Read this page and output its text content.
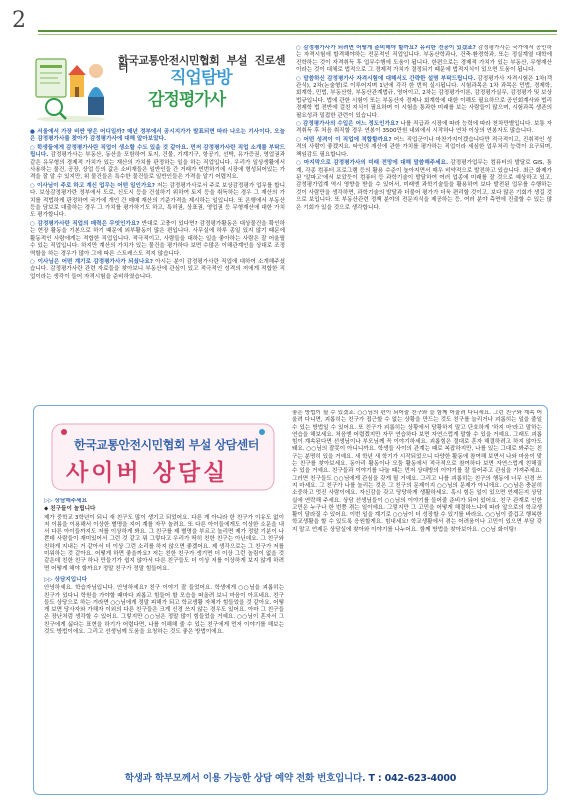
2
한국교통안전시민협회 부설 진로센터
직업탐방
감정평가사

● 서울에서 가장 비싼 땅은 어디일까? 매년 정부에서 공시지가가 발표되면 따라 나오는 기사이다. 오늘은 감정평가사를 찾아가 감정평가사에 대해 알아보았다.

○ 학생들에게 감정평가사란 직업이 생소할 수도 있을 것 같아요. 먼저 감정평가사란 직업 소개를 부탁드립니다. 감정평가사는 부동산, 동산을 포함하여 토지, 건물, 기계기구, 항공기, 선박, 유가증권, 영업권과 같은 유무형의 경제적 가치가 있는 재산의 가치를 판정하는 일을 하는 직업입니다. 우리가 일상생활에서 사용하는 물건, 공장, 상업 등의 값은 소비재들은 일반인들 간 거래가 빈번하기에 시장에 형성되어있는 가격을 잘 알 수 있지만, 위 물건들은 특수한 물건들로 일반인들은 가격을 알기 어렵지요.

○ 이사님이 주로 하고 계신 업무는 어떤 일인가요? 저는 감정평가사로서 주로 보상감정평가 업무를 합니다. 보상감정평가란 정부에서 도로, 신도시 등을 건설하기 위하여 토지 등을 취득하는 경우 그 재산의 가치를 적법하게 판정하여 국가에 개인 간 매매 재산의 기준가격을 제시하는 일입니다. 또 은행에서 부동산 등을 담보로 대출하는 경우 그 가치를 평가하기도 하고, 특허권, 상표권, 영업권 등 무형재산에 대한 가치도 평가합니다.

○ 감정평가사란 직업의 매력은 무엇인가요? 반대로 고충이 있다면? 감정평가활동은 대상물건을 확인하는 현장 활동을 기본으로 하기 때문에 외부활동이 많은 편입니다. 사무실에 하루 종일 있지 않기 때문에 활동적인 사람에게는 적합한 직업입니다. 적극적이고, 사람들을 대하는 일을 좋아하는 사람은 잘 어울릴 수 있는 직업입니다. 하지만 계산의 가치가 있는 물건을 평가하다 보면 수많은 이해관계인을 상대로 조정역할을 하는 경우가 많아 그에 따른 스트레스도 적지 않습니다.

○ 이사님은 어떤 계기로 감정평가사가 되셨나요? 아시는 분이 감정평가사란 직업에 대하여 소개해주셨습니다. 감정평가사란 관련 자료들을 찾아보니 부동산에 관심이 있고 적극적인 성격의 저에게 적합한 직업이라는 생각이 들어 자격시험을 준비하였습니다.

○ 감정평가사가 되려면 어떻게 준비해야 할까요? 유리한 전공이 있겠죠? 감정평가사는 국가에서 공인하는 자격시험에 합격해야하는 전문적인 직업입니다. 부동산학과나, 건축·환경학과, 또는 정실계열 대학에 진학하는 것이 자격취득 후 업무수행에 도움이 됩니다. 한편으로는 경제적 가치가 있는 부동산, 무형재산이라는 것이 대체로 법적으로 그 경제적 가치가 결정되기 때문에 법적지식이 있으면 도움이 됩니다.

○ 말씀하신 감정평가사 자격시험에 대해서도 간략한 설명 부탁드립니다. 감정평가사 자격시험은 1차(객관식), 2차(논술형)로 이루어지며 1년에 각각 한 번씩 실시됩니다. 시험과목은 1차 과목은 민법, 경제학, 회계학, 민법, 부동산학, 부동산관계법규, 영어이고, 2차는 감정평가이론, 감정평가실무, 감정평가 및 보상법규입니다. 법에 관한 시험이 또는 부동산자 경제나 회계학에 대한 이해도 필요하므로 공인회계사와 법리 경제학 법 전반에 걸친 지식이 필요하며 이 시험을 통과한 미래를 보는 사람들이 많으며, 시험과목 생존의 필요성과 밀접한 관련이 있습니다.

○ 감정평가사의 수입은 어느 정도인가요? 나를 직급과 시장에 따라 능력에 따라 천차만별입니다. 보통 자격취득 후 처음 취직할 경우 연봉이 3500만원 내외에서 시작하나 연차 이상의 연봉자도 많습니다.

○ 어떤 성격이 이 직업에 적합할까요? 어느 직업군이나 마찬가지이겠습니다만 적극적이고, 진취적인 성격의 사람이 좋겠지요. 타인의 재산에 관한 가치를 평가하는 직업이라 세심한 업무처리 능력이 요구되며, 책임감도 필요합니다.

○ 마지막으로 감정평가사의 미래 전망에 대해 말씀해주세요. 감정평가업무는 컴퓨터의 발달로 GIS, 통계, 각종 컴퓨터 프로그램 등의 활용 수준이 높아지면서 매우 비약적으로 발전하고 있습니다. 최근 화제가 된 '알파고'에서 보았듯이 컴퓨터 등 과학기술이 발달하여 여러 업종에 미래를 잘 것으로 예상하고 있고, 감정평가업계 역시 영향을 받을 수 있어서, 미래엔 과학기술들을 활용하여 보다 발전된 업무를 수행하는 것이 사람만을 생각하면, 과학기술의 발달과 더불어 평가가 더욱 편리할 것이고, 보다 많은 기회가 생길 것으로 보입니다. 또 부동산관련 정책 분야의 전문지식을 제공하는 등, 여러 분야 측면에 진출할 수 있는 많은 기회가 있을 것으로 생각합니다.

한국교통안전시민협회 부설 상담센터
사이버 상담실

▷▷ 상담해주세요

◆ 친구들이 놀립니다

제가 중학교 3학년이 되니 새 친구도 많이 생기고 되었어요. 다른 게 아니라 한 친구가 이유도 없이 저 이름을 이용해서 이상한 별명을 지어 계를 자꾸 놀려요. 또 다른 아이들에게도 이상한 소문을 내서 다른 아이들까지도 저를 이상하게 봐요. 그 친구를 제 별명을 부르고 놀리면 제가 정말 기분이 나쁜데 사람들이 재미있어서 그런 것 같고 뭐 그렇다고 우리가 딱히 친한 친구는 아닌데요. 그 친구와 친하게 지내는 거 같아서 더 이상 그런 소리를 하지 않으면 좋겠어요. 제 생각으로는 그 친구가 저를 미워하는 것 같아요. 어떻게 하면 좋을까요? 저는 친한 친구가 생기면 더 이상 그런 놀림이 없을 것 같은데 친한 친구 하나 만들기가 쉽지 않아서 다른 친구들도 더 이상 저를 이상하게 보지 않게 하려면 어떻게 해야 할까요? 정말 친구가 정말 힘들어요.

▷▷ 상담지입니다

안녕하세요. 학습자님입니다. 안녕하세요? 친구 이야기 잘 들었어요. 학생에게 ○○님을 괴롭히는 친구가 있다니 학원을 가야할 때마다 괴롭고 힘들어 할 모습을 떠올려 보니 마음이 아프네요. 친구들도 상당으로 하는 거라면 ○○님에게 정말 피해가 되고 학교생활 자체가 힘들었을 것 같아요. 어떻게 보면 당사자와 가해자 이외의 다른 친구들은 크게 신경 쓰지 않는 경우도 있어요. 아마 그 친구들은 장난처럼 생각할 수 있어요. 그렇지만 ○○님은 정말 많이 힘들었을 거예요. ○○님이 혼자서 그 친구에게 싫다는 표현을 하기가 어렵다면, 나를 이해해 줄 수 있는 친구에게 먼저 이야기를 해보는 것도 방법이에요. 그리고 선생님께 도움을 요청하는 것도 좋은 방법이에요.

좋은 방법이 될 수 있겠죠. ○○님의 편이 되어줄 친구와 늘 함께 어울려 다니세요. 그런 친구와 계속 어울려 다니면, 괴롭히는 친구가 접근할 수 없는 상황을 만드는 것도 친구를 늘리거나 괴롭히는 일을 줄일 수 있는 방법일 수 있어요. 또 친구가 괴롭히는 상황에서 당황하지 말고 단호하게 '하지 마'라고 말하는 연습을 해보세요. 처음엔 어렵겠지만 자꾸 연습하다 보면 자연스럽게 말할 수 있을 거예요. 그래도 괴롭힘이 계속된다면 선생님이나 부모님께 꼭 이야기하세요. 괴롭힘은 절대로 혼자 해결하려고 하지 않아도 돼요. ○○님의 잘못이 아니니까요. 학생들 사이의 관계는 때로 복잡하지만, 나를 있는 그대로 봐주는 친구는 분명히 있을 거예요. 새 학년 새 학기가 시작되었으니 다양한 활동에 참여해 보면서 나와 마음이 맞는 친구를 찾아보세요. 동아리 활동이나 모둠 활동에서 적극적으로 참여하다 보면 자연스럽게 친해질 수 있을 거예요. 친구들과 이야기를 나눌 때는 먼저 상대방의 이야기를 잘 들어주고 관심을 가져주세요. 그러면 친구들도 ○○님에게 관심을 갖게 될 거예요. 그리고 나를 괴롭히는 친구의 행동에 너무 신경 쓰지 마세요. 그 친구가 나를 놀리는 것은 그 친구의 문제이지 ○○님의 문제가 아니에요. ○○님은 충분히 소중하고 멋진 사람이에요. 자신감을 갖고 당당하게 생활하세요. 혹시 힘든 일이 있으면 언제든지 상담실에 연락해 주세요. 상담 선생님들이 ○○님의 이야기를 들어줄 준비가 되어 있어요. 친구 관계로 인한 고민은 누구나 한 번쯤 겪는 일이에요. 그렇지만 그 고민을 어떻게 해결하느냐에 따라 앞으로의 학교생활이 달라질 수 있어요. 이번 일을 계기로 ○○님이 더 성장할 수 있기를 바라요. ○○님이 즐겁고 행복한 학교생활을 할 수 있도록 응원할게요. 힘내세요! 학교생활에서 겪는 어려움이나 고민이 있으면 부담 갖지 말고 언제든 상담실에 찾아와 이야기를 나누어요. 함께 방법을 찾아보아요. ○○님 화이팅!

학생과 학부모께서 이용 가능한 상담 예약 전화 번호입니다. T : 042-623-4000
